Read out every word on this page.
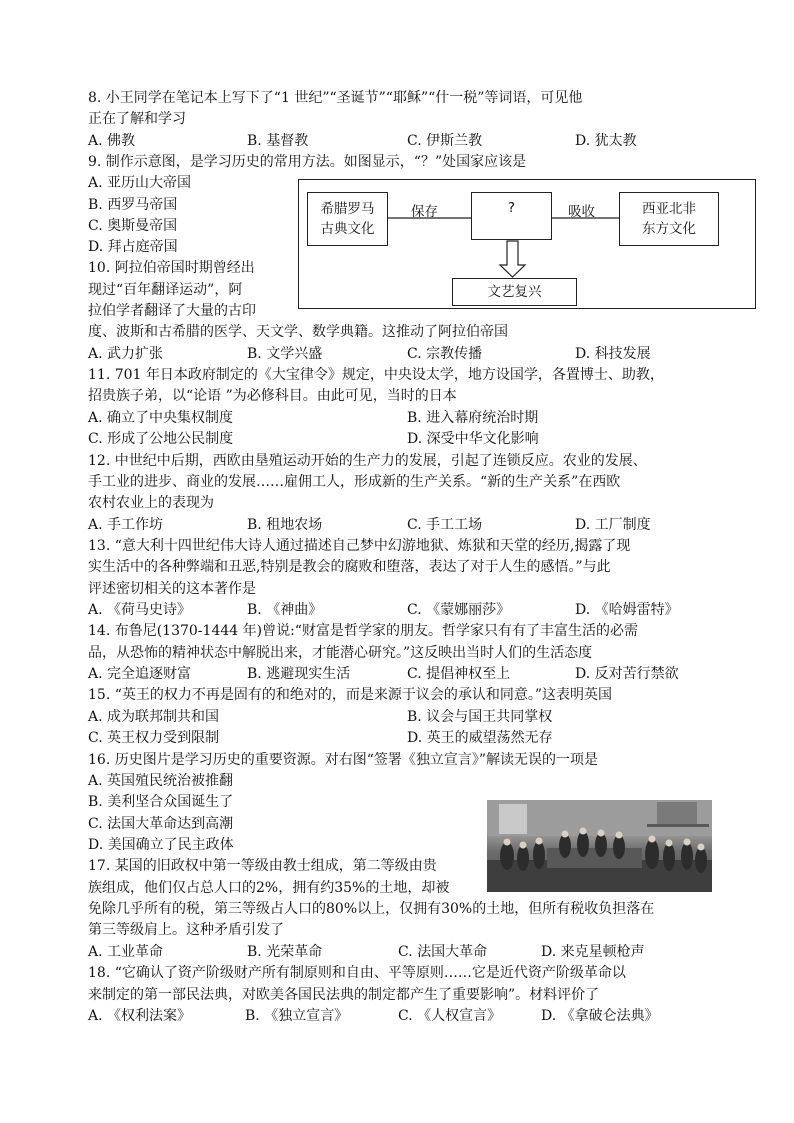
8. 小王同学在笔记本上写下了“1 世纪”“圣诞节”“耶稣”“什一税”等词语，可见他
正在了解和学习
A. 佛教	B. 基督教	C. 伊斯兰教	D. 犹太教
9. 制作示意图，是学习历史的常用方法。如图显示，“？”处国家应该是
A. 亚历山大帝国
B. 西罗马帝国
C. 奥斯曼帝国
D. 拜占庭帝国
希腊罗马
古典文化
?	西亚北非
东方文化
文艺复兴
保存	吸收
10. 阿拉伯帝国时期曾经出
现过“百年翻译运动”，阿
拉伯学者翻译了大量的古印
度、波斯和古希腊的医学、天文学、数学典籍。这推动了阿拉伯帝国
A. 武力扩张	B. 文学兴盛	C. 宗教传播	D. 科技发展
11. 701 年日本政府制定的《大宝律令》规定，中央设太学，地方设国学，各置博士、助教，
招贵族子弟，以“论语 ”为必修科目。由此可见，当时的日本
A. 确立了中央集权制度	B. 进入幕府统治时期
C. 形成了公地公民制度	D. 深受中华文化影响
12. 中世纪中后期，西欧由垦殖运动开始的生产力的发展，引起了连锁反应。农业的发展、
手工业的进步、商业的发展……雇佣工人，形成新的生产关系。“新的生产关系”在西欧
农村农业上的表现为
A. 手工作坊	B. 租地农场	C. 手工工场	D. 工厂制度
13. “意大利十四世纪伟大诗人通过描述自己梦中幻游地狱、炼狱和天堂的经历,揭露了现
实生活中的各种弊端和丑恶,特别是教会的腐败和堕落，表达了对于人生的感悟。”与此
评述密切相关的这本著作是
A. 《荷马史诗》	B. 《神曲》	C. 《蒙娜丽莎》	D. 《哈姆雷特》
14. 布鲁尼(1370-1444 年)曾说:“财富是哲学家的朋友。哲学家只有有了丰富生活的必需
品，从恐怖的精神状态中解脱出来，才能潜心研究。”这反映出当时人们的生活态度
A. 完全追逐财富	B. 逃避现实生活	C. 提倡神权至上	D. 反对苦行禁欲
15. “英王的权力不再是固有的和绝对的，而是来源于议会的承认和同意。”这表明英国
A. 成为联邦制共和国	B. 议会与国王共同掌权
C. 英王权力受到限制	D. 英王的威望荡然无存
16. 历史图片是学习历史的重要资源。对右图“签署《独立宣言》”解读无误的一项是
A. 英国殖民统治被推翻
B. 美利坚合众国诞生了
C. 法国大革命达到高潮
D. 美国确立了民主政体
17. 某国的旧政权中第一等级由教士组成，第二等级由贵
族组成，他们仅占总人口的2%，拥有约35%的土地，却被
免除几乎所有的税，第三等级占人口的80%以上，仅拥有30%的土地，但所有税收负担落在
第三等级肩上。这种矛盾引发了
A. 工业革命	B. 光荣革命	C. 法国大革命	D. 来克星顿枪声
18. “它确认了资产阶级财产所有制原则和自由、平等原则……它是近代资产阶级革命以
来制定的第一部民法典，对欧美各国民法典的制定都产生了重要影响”。材料评价了
A. 《权利法案》	B. 《独立宣言》	C. 《人权宣言》	D. 《拿破仑法典》
